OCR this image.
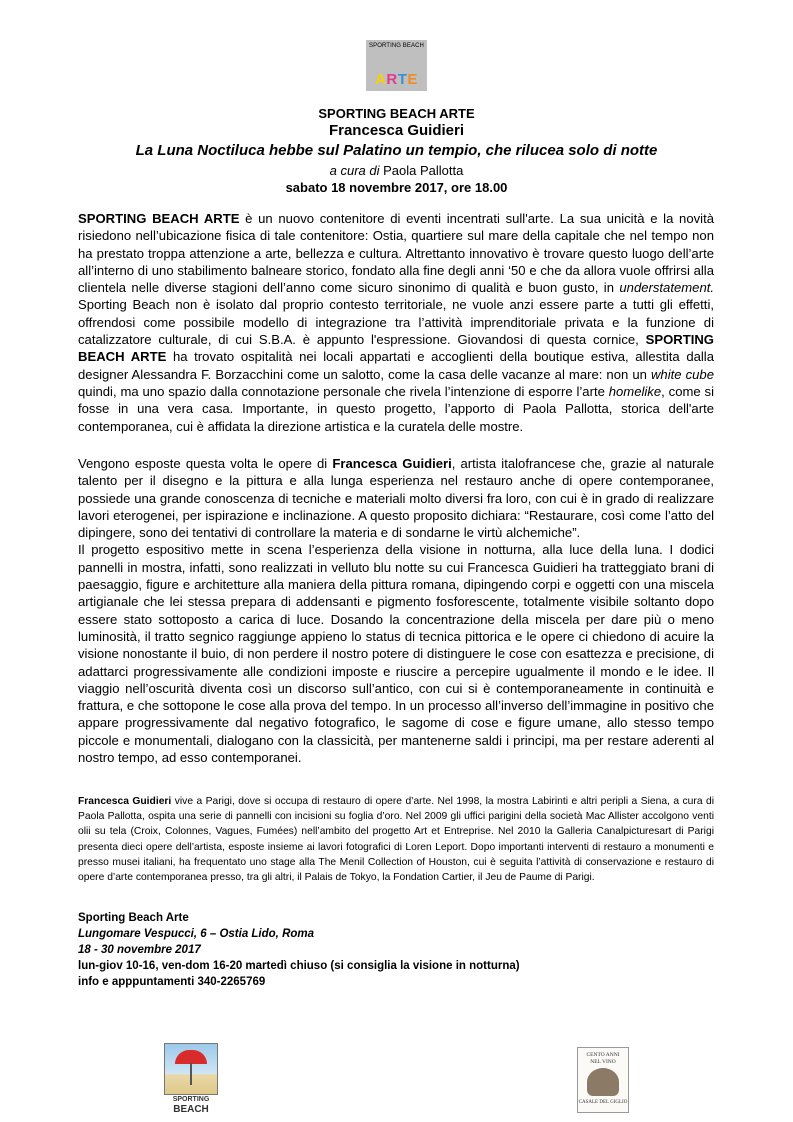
SPORTING BEACH
ARTE
SPORTING BEACH ARTE
Francesca Guidieri
La Luna Noctiluca hebbe sul Palatino un tempio, che rilucea solo di notte
a cura di Paola Pallotta
sabato 18 novembre 2017, ore 18.00
SPORTING BEACH ARTE è un nuovo contenitore di eventi incentrati sull'arte. La sua unicità e la novità risiedono nell’ubicazione fisica di tale contenitore: Ostia, quartiere sul mare della capitale che nel tempo non ha prestato troppa attenzione a arte, bellezza e cultura. Altrettanto innovativo è trovare questo luogo dell’arte all’interno di uno stabilimento balneare storico, fondato alla fine degli anni ‘50 e che da allora vuole offrirsi alla clientela nelle diverse stagioni dell’anno come sicuro sinonimo di qualità e buon gusto, in understatement. Sporting Beach non è isolato dal proprio contesto territoriale, ne vuole anzi essere parte a tutti gli effetti, offrendosi come possibile modello di integrazione tra l’attività imprenditoriale privata e la funzione di catalizzatore culturale, di cui S.B.A. è appunto l'espressione. Giovandosi di questa cornice, SPORTING BEACH ARTE ha trovato ospitalità nei locali appartati e accoglienti della boutique estiva, allestita dalla designer Alessandra F. Borzacchini come un salotto, come la casa delle vacanze al mare: non un white cube quindi, ma uno spazio dalla connotazione personale che rivela l’intenzione di esporre l’arte homelike, come si fosse in una vera casa. Importante, in questo progetto, l’apporto di Paola Pallotta, storica dell'arte contemporanea, cui è affidata la direzione artistica e la curatela delle mostre.
Vengono esposte questa volta le opere di Francesca Guidieri, artista italofrancese che, grazie al naturale talento per il disegno e la pittura e alla lunga esperienza nel restauro anche di opere contemporanee, possiede una grande conoscenza di tecniche e materiali molto diversi fra loro, con cui è in grado di realizzare lavori eterogenei, per ispirazione e inclinazione. A questo proposito dichiara: “Restaurare, così come l’atto del dipingere, sono dei tentativi di controllare la materia e di sondarne le virtù alchemiche”.
Il progetto espositivo mette in scena l’esperienza della visione in notturna, alla luce della luna. I dodici pannelli in mostra, infatti, sono realizzati in velluto blu notte su cui Francesca Guidieri ha tratteggiato brani di paesaggio, figure e architetture alla maniera della pittura romana, dipingendo corpi e oggetti con una miscela artigianale che lei stessa prepara di addensanti e pigmento fosforescente, totalmente visibile soltanto dopo essere stato sottoposto a carica di luce. Dosando la concentrazione della miscela per dare più o meno luminosità, il tratto segnico raggiunge appieno lo status di tecnica pittorica e le opere ci chiedono di acuire la visione nonostante il buio, di non perdere il nostro potere di distinguere le cose con esattezza e precisione, di adattarci progressivamente alle condizioni imposte e riuscire a percepire ugualmente il mondo e le idee. Il viaggio nell’oscurità diventa così un discorso sull’antico, con cui si è contemporaneamente in continuità e frattura, e che sottopone le cose alla prova del tempo. In un processo all’inverso dell’immagine in positivo che appare progressivamente dal negativo fotografico, le sagome di cose e figure umane, allo stesso tempo piccole e monumentali, dialogano con la classicità, per mantenerne saldi i principi, ma per restare aderenti al nostro tempo, ad esso contemporanei.
Francesca Guidieri vive a Parigi, dove si occupa di restauro di opere d’arte. Nel 1998, la mostra Labirinti e altri peripli a Siena, a cura di Paola Pallotta, ospita una serie di pannelli con incisioni su foglia d’oro. Nel 2009 gli uffici parigini della società Mac Allister accolgono venti olii su tela (Croix, Colonnes, Vagues, Fumées) nell’ambito del progetto Art et Entreprise. Nel 2010 la Galleria Canalpicturesart di Parigi presenta dieci opere dell’artista, esposte insieme ai lavori fotografici di Loren Leport. Dopo importanti interventi di restauro a monumenti e presso musei italiani, ha frequentato uno stage alla The Menil Collection of Houston, cui è seguita l’attività di conservazione e restauro di opere d’arte contemporanea presso, tra gli altri, il Palais de Tokyo, la Fondation Cartier, il Jeu de Paume di Parigi.
Sporting Beach Arte
Lungomare Vespucci, 6 – Ostia Lido, Roma
18 - 30 novembre 2017
lun-giov 10-16, ven-dom 16-20 martedì chiuso (si consiglia la visione in notturna)
info e apppuntamenti 340-2265769
SPORTING
BEACH
CENTO ANNI
NEL VINO
CASALE DEL GIGLIO
